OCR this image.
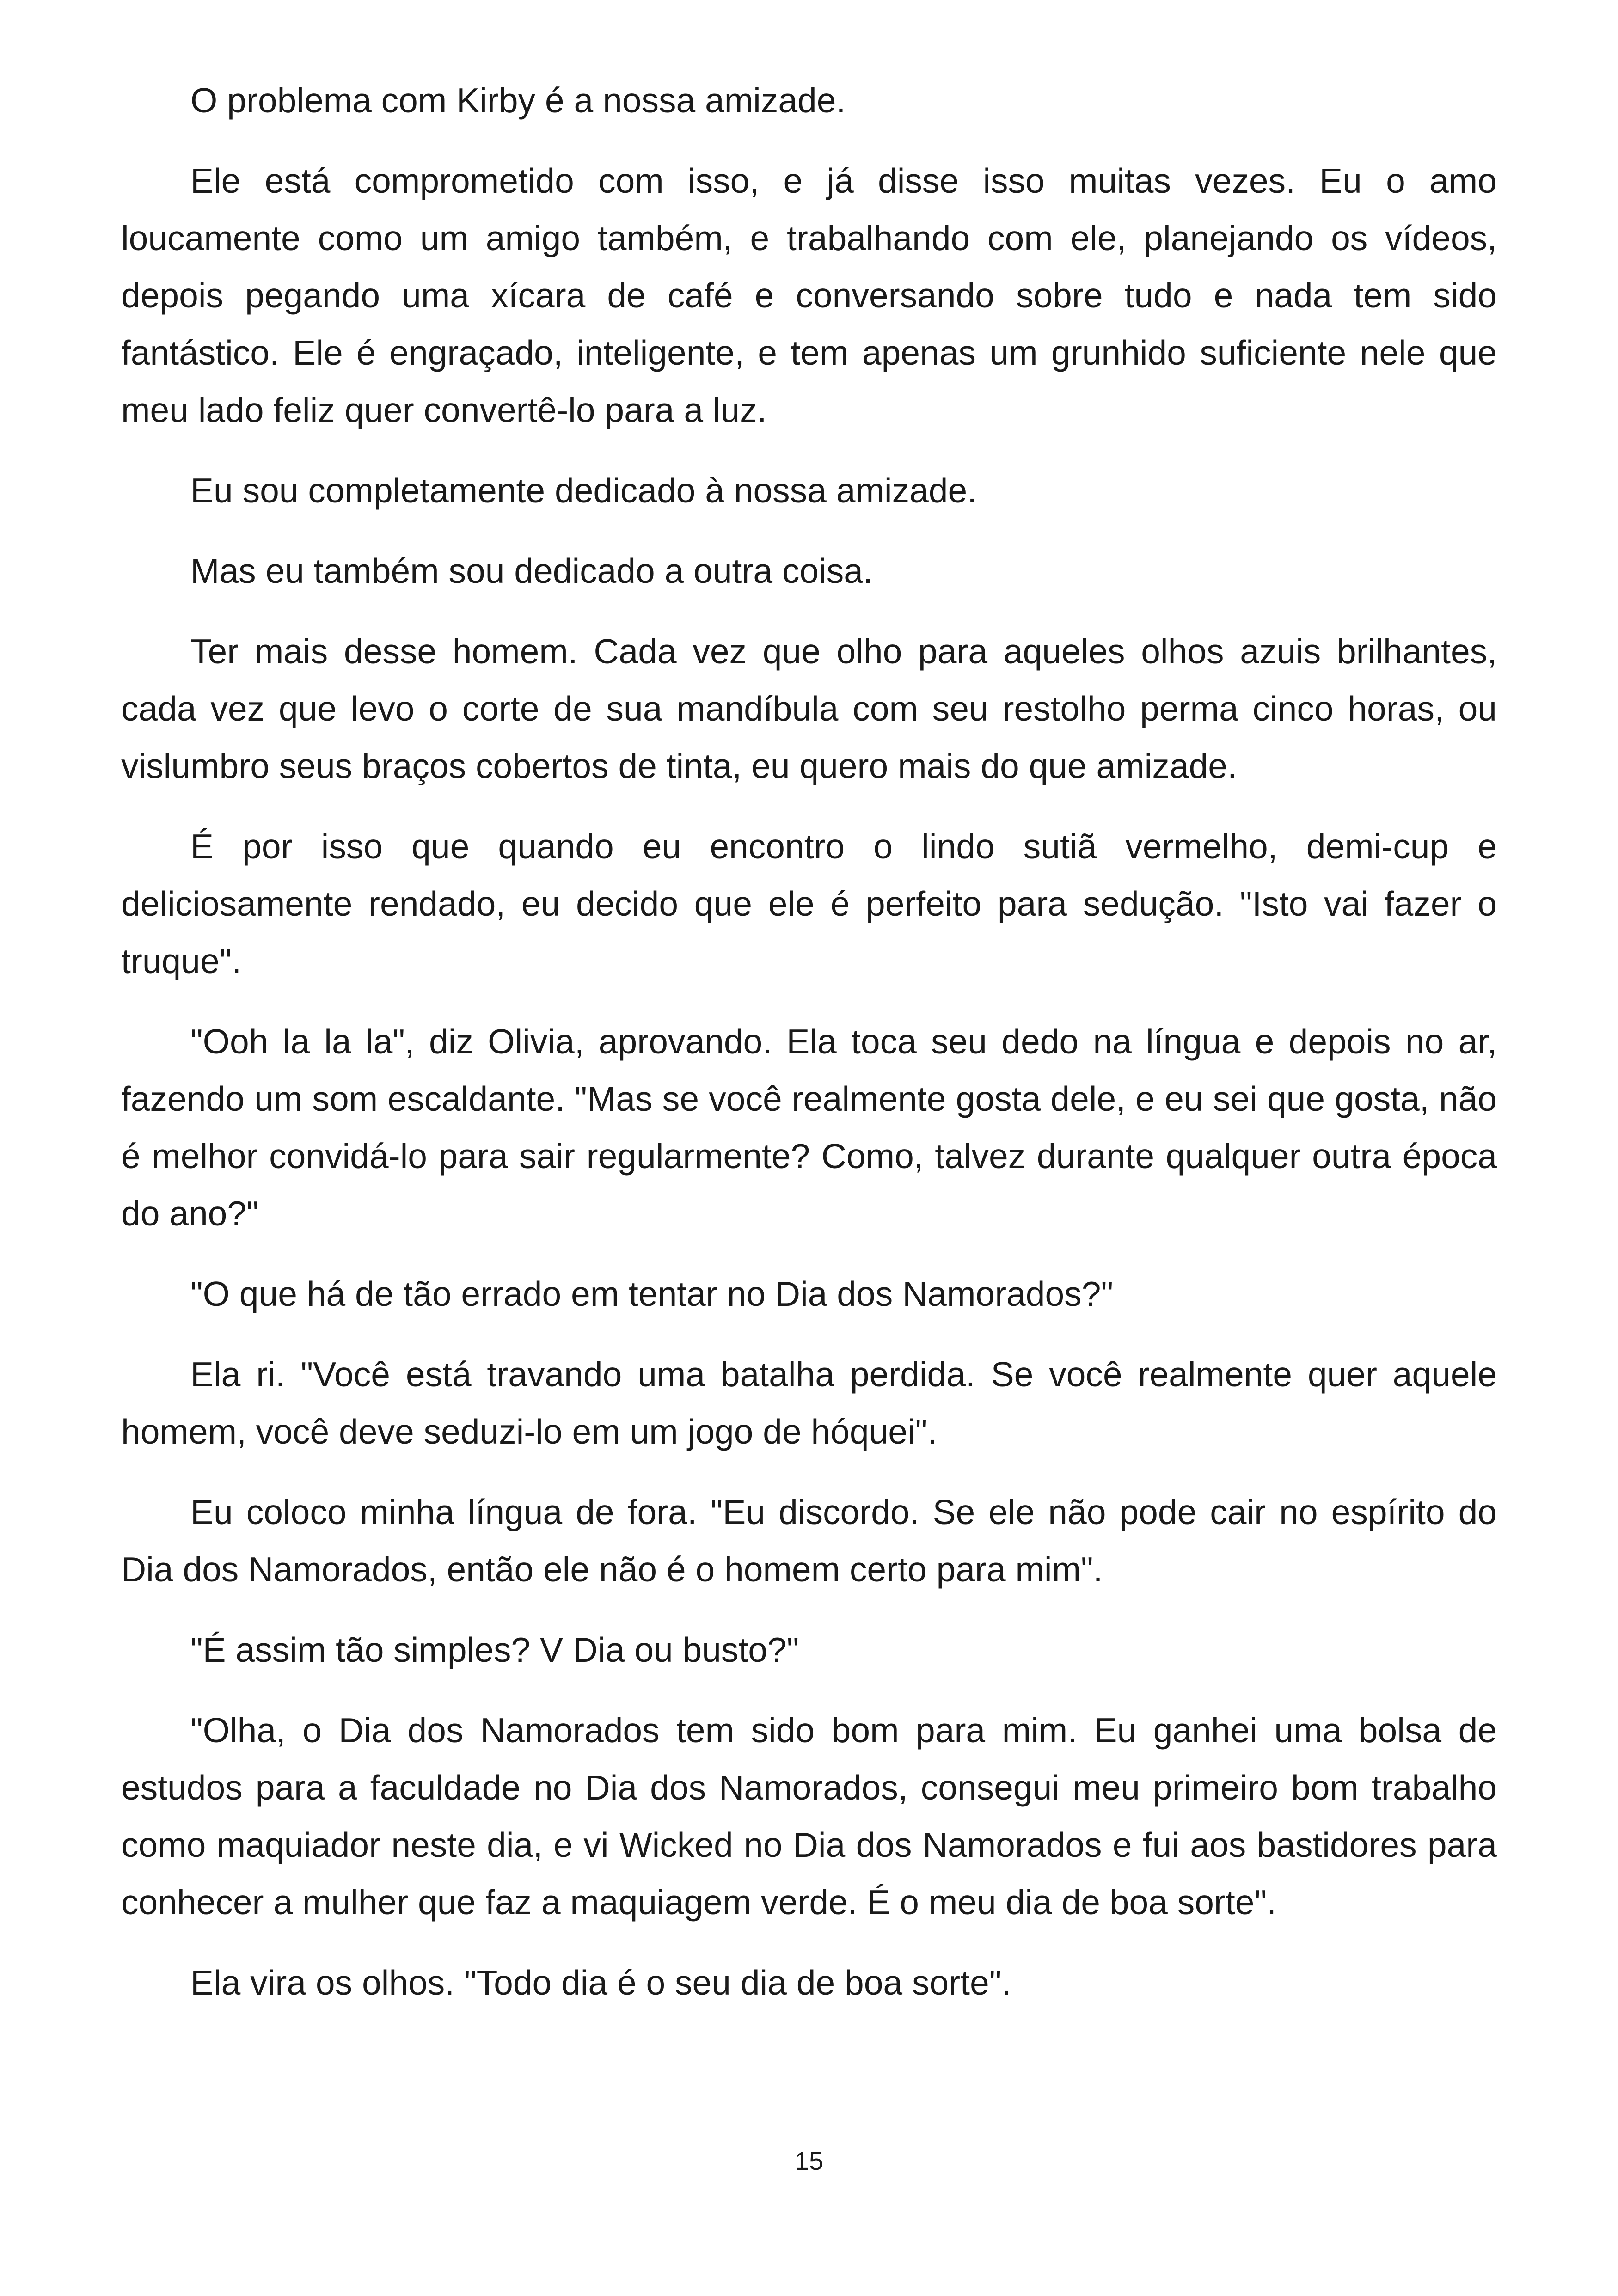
O problema com Kirby é a nossa amizade.

Ele está comprometido com isso, e já disse isso muitas vezes. Eu o amo loucamente como um amigo também, e trabalhando com ele, planejando os vídeos, depois pegando uma xícara de café e conversando sobre tudo e nada tem sido fantástico. Ele é engraçado, inteligente, e tem apenas um grunhido suficiente nele que meu lado feliz quer convertê-lo para a luz.

Eu sou completamente dedicado à nossa amizade.

Mas eu também sou dedicado a outra coisa.

Ter mais desse homem. Cada vez que olho para aqueles olhos azuis brilhantes, cada vez que levo o corte de sua mandíbula com seu restolho perma cinco horas, ou vislumbro seus braços cobertos de tinta, eu quero mais do que amizade.

É por isso que quando eu encontro o lindo sutiã vermelho, demi-cup e deliciosamente rendado, eu decido que ele é perfeito para sedução. "Isto vai fazer o truque".

"Ooh la la la", diz Olivia, aprovando. Ela toca seu dedo na língua e depois no ar, fazendo um som escaldante. "Mas se você realmente gosta dele, e eu sei que gosta, não é melhor convidá-lo para sair regularmente? Como, talvez durante qualquer outra época do ano?"

"O que há de tão errado em tentar no Dia dos Namorados?"

Ela ri. "Você está travando uma batalha perdida. Se você realmente quer aquele homem, você deve seduzi-lo em um jogo de hóquei".

Eu coloco minha língua de fora. "Eu discordo. Se ele não pode cair no espírito do Dia dos Namorados, então ele não é o homem certo para mim".

"É assim tão simples? V Dia ou busto?"

"Olha, o Dia dos Namorados tem sido bom para mim. Eu ganhei uma bolsa de estudos para a faculdade no Dia dos Namorados, consegui meu primeiro bom trabalho como maquiador neste dia, e vi Wicked no Dia dos Namorados e fui aos bastidores para conhecer a mulher que faz a maquiagem verde. É o meu dia de boa sorte".

Ela vira os olhos. "Todo dia é o seu dia de boa sorte".

15
